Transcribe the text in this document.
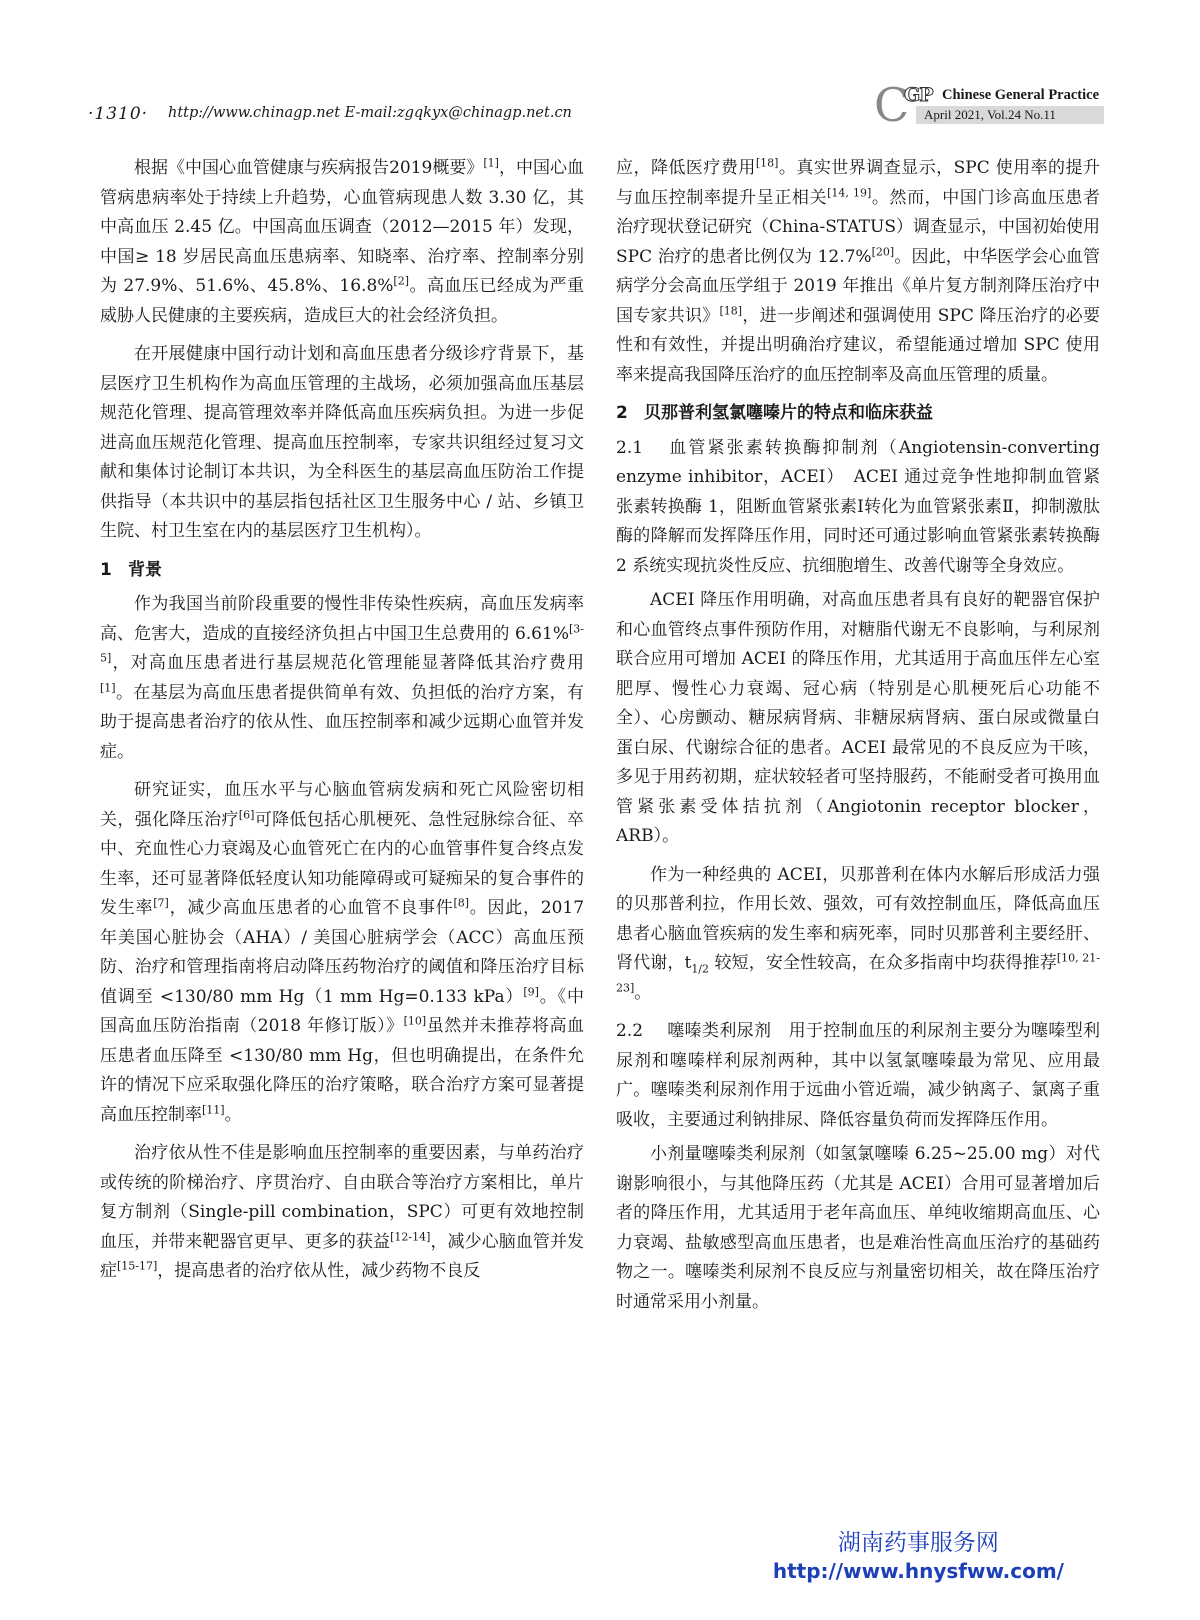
·1310· http://www.chinagp.net E-mail:zgqkyx@chinagp.net.cn	C
GP Chinese General Practice
April 2021, Vol.24 No.11

根据《中国心血管健康与疾病报告2019概要》[1]，中国心血管病患病率处于持续上升趋势，心血管病现患人数 3.30 亿，其中高血压 2.45 亿。中国高血压调查（2012—2015 年）发现，中国≥ 18 岁居民高血压患病率、知晓率、治疗率、控制率分别为 27.9%、51.6%、45.8%、16.8%[2]。高血压已经成为严重威胁人民健康的主要疾病，造成巨大的社会经济负担。

在开展健康中国行动计划和高血压患者分级诊疗背景下，基层医疗卫生机构作为高血压管理的主战场，必须加强高血压基层规范化管理、提高管理效率并降低高血压疾病负担。为进一步促进高血压规范化管理、提高血压控制率，专家共识组经过复习文献和集体讨论制订本共识，为全科医生的基层高血压防治工作提供指导（本共识中的基层指包括社区卫生服务中心 / 站、乡镇卫生院、村卫生室在内的基层医疗卫生机构）。

1 背景

作为我国当前阶段重要的慢性非传染性疾病，高血压发病率高、危害大，造成的直接经济负担占中国卫生总费用的 6.61%[3-5]，对高血压患者进行基层规范化管理能显著降低其治疗费用[1]。在基层为高血压患者提供简单有效、负担低的治疗方案，有助于提高患者治疗的依从性、血压控制率和减少远期心血管并发症。

研究证实，血压水平与心脑血管病发病和死亡风险密切相关，强化降压治疗[6]可降低包括心肌梗死、急性冠脉综合征、卒中、充血性心力衰竭及心血管死亡在内的心血管事件复合终点发生率，还可显著降低轻度认知功能障碍或可疑痴呆的复合事件的发生率[7]，减少高血压患者的心血管不良事件[8]。因此，2017 年美国心脏协会（AHA）/ 美国心脏病学会（ACC）高血压预防、治疗和管理指南将启动降压药物治疗的阈值和降压治疗目标值调至 <130/80 mm Hg（1 mm Hg=0.133 kPa）[9]。《中国高血压防治指南（2018 年修订版）》[10]虽然并未推荐将高血压患者血压降至 <130/80 mm Hg，但也明确提出，在条件允许的情况下应采取强化降压的治疗策略，联合治疗方案可显著提高血压控制率[11]。

治疗依从性不佳是影响血压控制率的重要因素，与单药治疗或传统的阶梯治疗、序贯治疗、自由联合等治疗方案相比，单片复方制剂（Single-pill combination，SPC）可更有效地控制血压，并带来靶器官更早、更多的获益[12-14]，减少心脑血管并发症[15-17]，提高患者的治疗依从性，减少药物不良反

应，降低医疗费用[18]。真实世界调查显示，SPC 使用率的提升与血压控制率提升呈正相关[14, 19]。然而，中国门诊高血压患者治疗现状登记研究（China-STATUS）调查显示，中国初始使用 SPC 治疗的患者比例仅为 12.7%[20]。因此，中华医学会心血管病学分会高血压学组于 2019 年推出《单片复方制剂降压治疗中国专家共识》[18]，进一步阐述和强调使用 SPC 降压治疗的必要性和有效性，并提出明确治疗建议，希望能通过增加 SPC 使用率来提高我国降压治疗的血压控制率及高血压管理的质量。

2 贝那普利氢氯噻嗪片的特点和临床获益

2.1 血管紧张素转换酶抑制剂（Angiotensin-converting enzyme inhibitor，ACEI）　 ACEI 通过竞争性地抑制血管紧张素转换酶 1，阻断血管紧张素Ⅰ转化为血管紧张素Ⅱ，抑制激肽酶的降解而发挥降压作用，同时还可通过影响血管紧张素转换酶 2 系统实现抗炎性反应、抗细胞增生、改善代谢等全身效应。

ACEI 降压作用明确，对高血压患者具有良好的靶器官保护和心血管终点事件预防作用，对糖脂代谢无不良影响，与利尿剂联合应用可增加 ACEI 的降压作用，尤其适用于高血压伴左心室肥厚、慢性心力衰竭、冠心病（特别是心肌梗死后心功能不全）、心房颤动、糖尿病肾病、非糖尿病肾病、蛋白尿或微量白蛋白尿、代谢综合征的患者。ACEI 最常见的不良反应为干咳，多见于用药初期，症状较轻者可坚持服药，不能耐受者可换用血管紧张素受体拮抗剂（Angiotonin receptor blocker，ARB）。

作为一种经典的 ACEI，贝那普利在体内水解后形成活力强的贝那普利拉，作用长效、强效，可有效控制血压，降低高血压患者心脑血管疾病的发生率和病死率，同时贝那普利主要经肝、肾代谢，$t_{1/2}$ 较短，安全性较高，在众多指南中均获得推荐[10, 21-23]。

2.2 噻嗪类利尿剂　 用于控制血压的利尿剂主要分为噻嗪型利尿剂和噻嗪样利尿剂两种，其中以氢氯噻嗪最为常见、应用最广。噻嗪类利尿剂作用于远曲小管近端，减少钠离子、氯离子重吸收，主要通过利钠排尿、降低容量负荷而发挥降压作用。

小剂量噻嗪类利尿剂（如氢氯噻嗪 6.25~25.00 mg）对代谢影响很小，与其他降压药（尤其是 ACEI）合用可显著增加后者的降压作用，尤其适用于老年高血压、单纯收缩期高血压、心力衰竭、盐敏感型高血压患者，也是难治性高血压治疗的基础药物之一。噻嗪类利尿剂不良反应与剂量密切相关，故在降压治疗时通常采用小剂量。

湖南药事服务网
http://www.hnysfww.com/
